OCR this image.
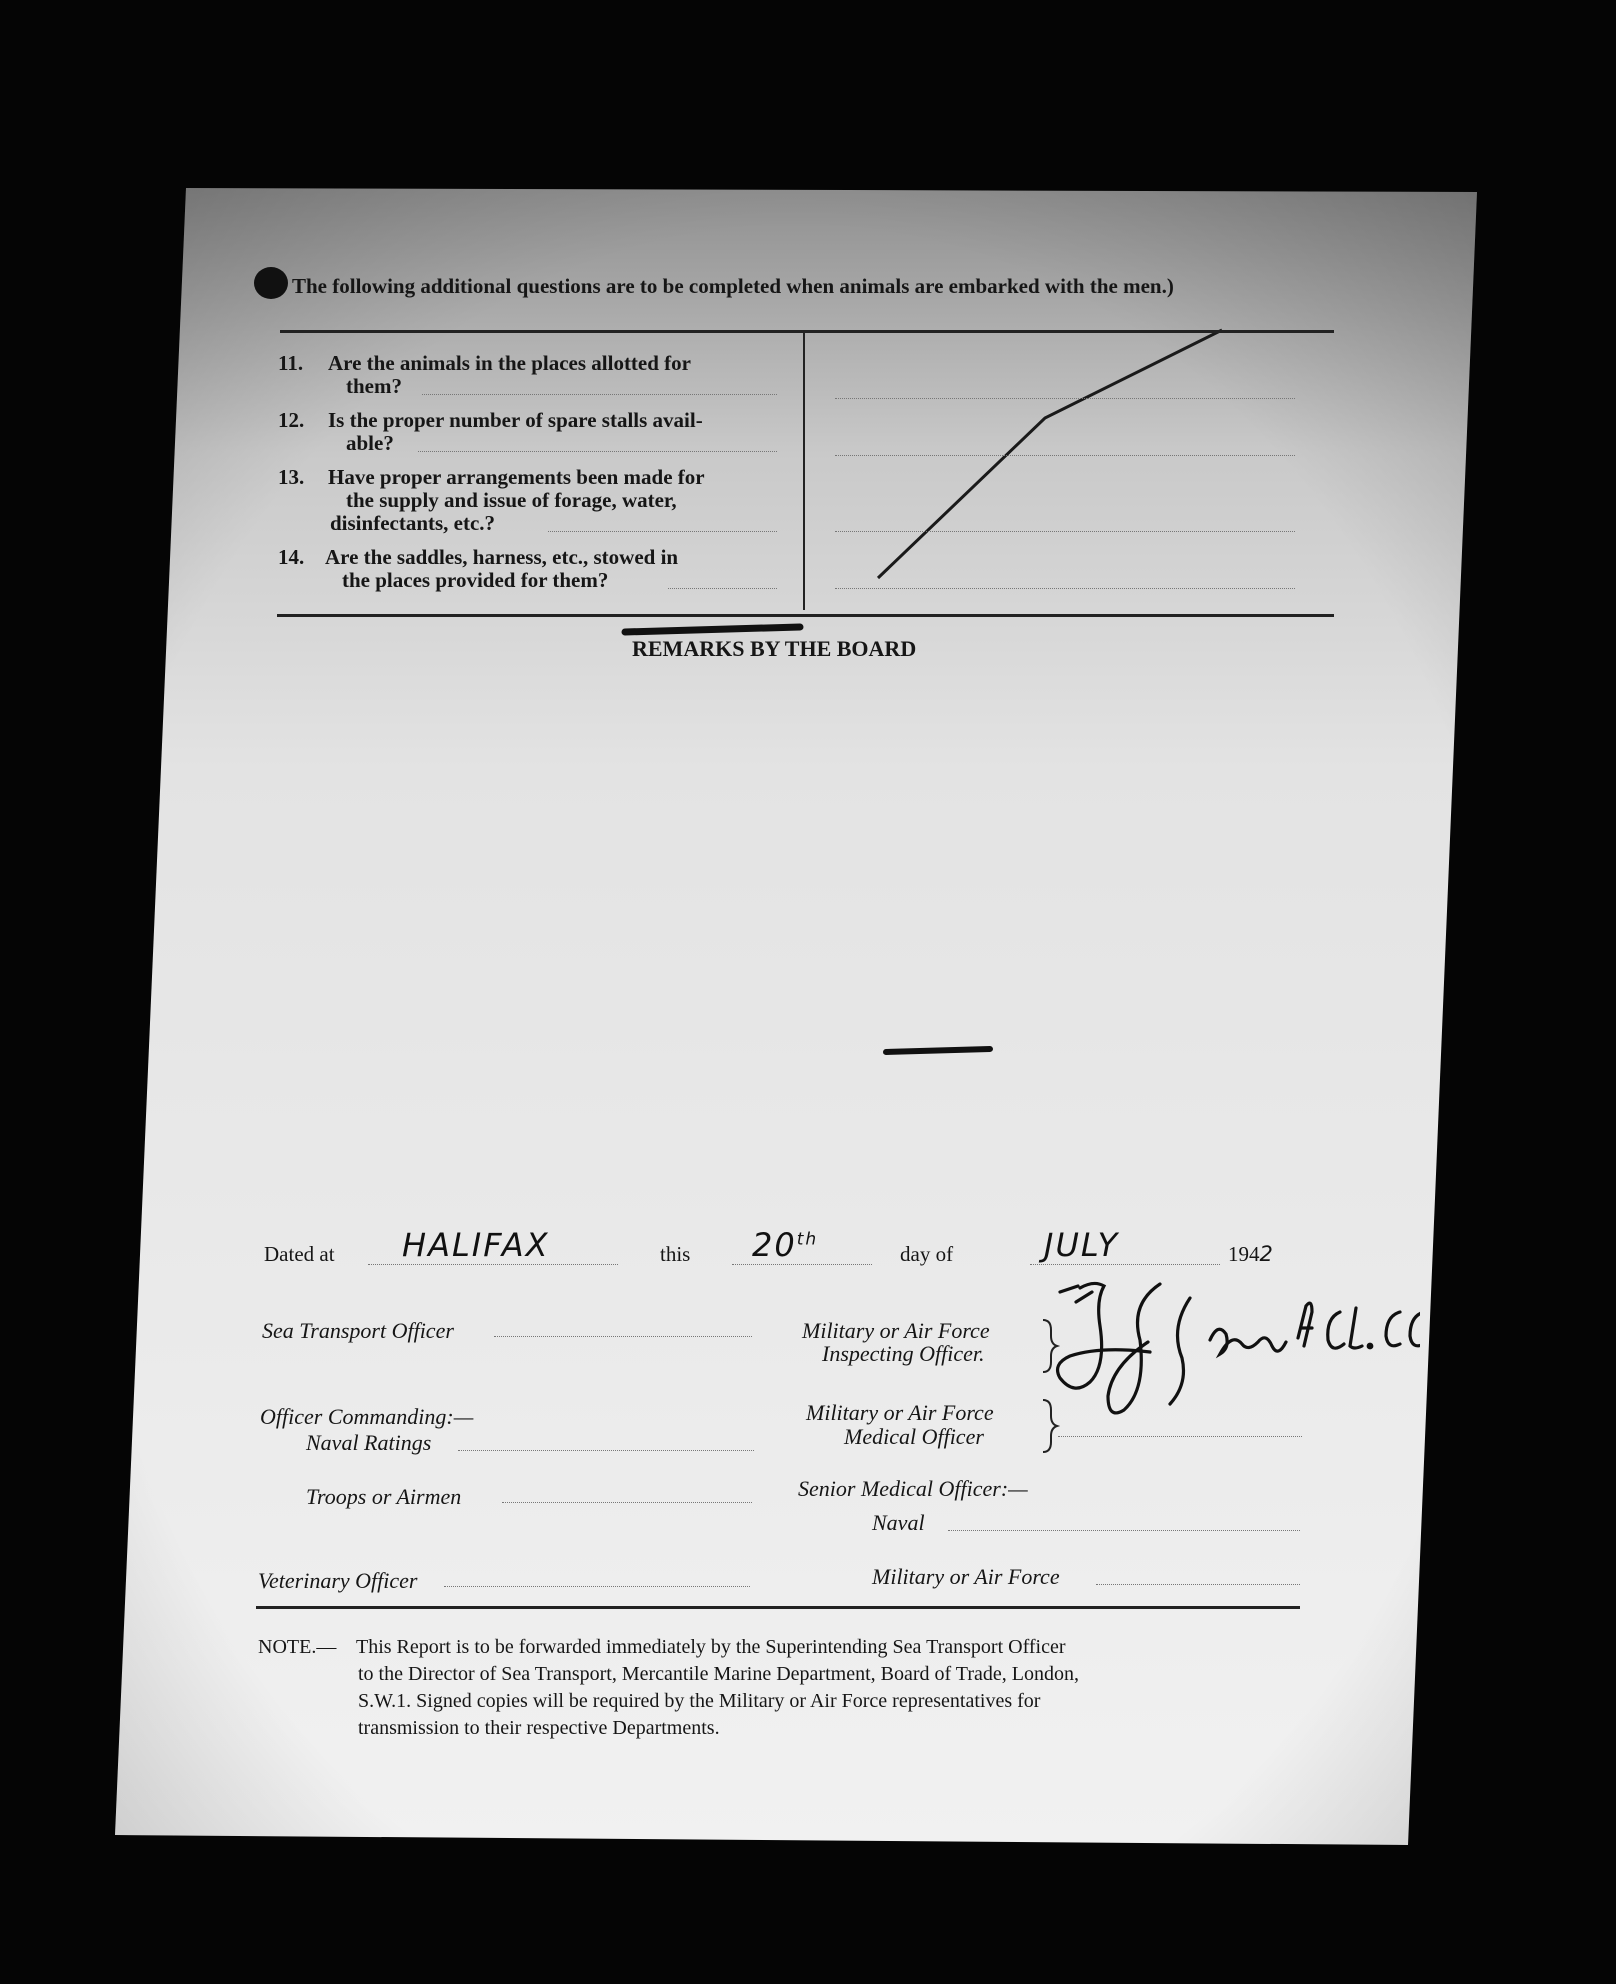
The following additional questions are to be completed when animals are embarked with the men.)
11. Are the animals in the places allotted for
them?
12. Is the proper number of spare stalls avail-
able?
13. Have proper arrangements been made for
the supply and issue of forage, water,
disinfectants, etc.?
14. Are the saddles, harness, etc., stowed in
the places provided for them?
REMARKS BY THE BOARD
Dated at HALIFAX	this 20th
day of	JULY	1942
Sea Transport Officer
Officer Commanding:—
Naval Ratings
Troops or Airmen
Veterinary Officer
Military or Air Force
Inspecting Officer.
Military or Air Force
Medical Officer
Senior Medical Officer:—
Naval
Military or Air Force
NOTE.— This Report is to be forwarded immediately by the Superintending Sea Transport Officer
to the Director of Sea Transport, Mercantile Marine Department, Board of Trade, London,
S.W.1. Signed copies will be required by the Military or Air Force representatives for
transmission to their respective Departments.
